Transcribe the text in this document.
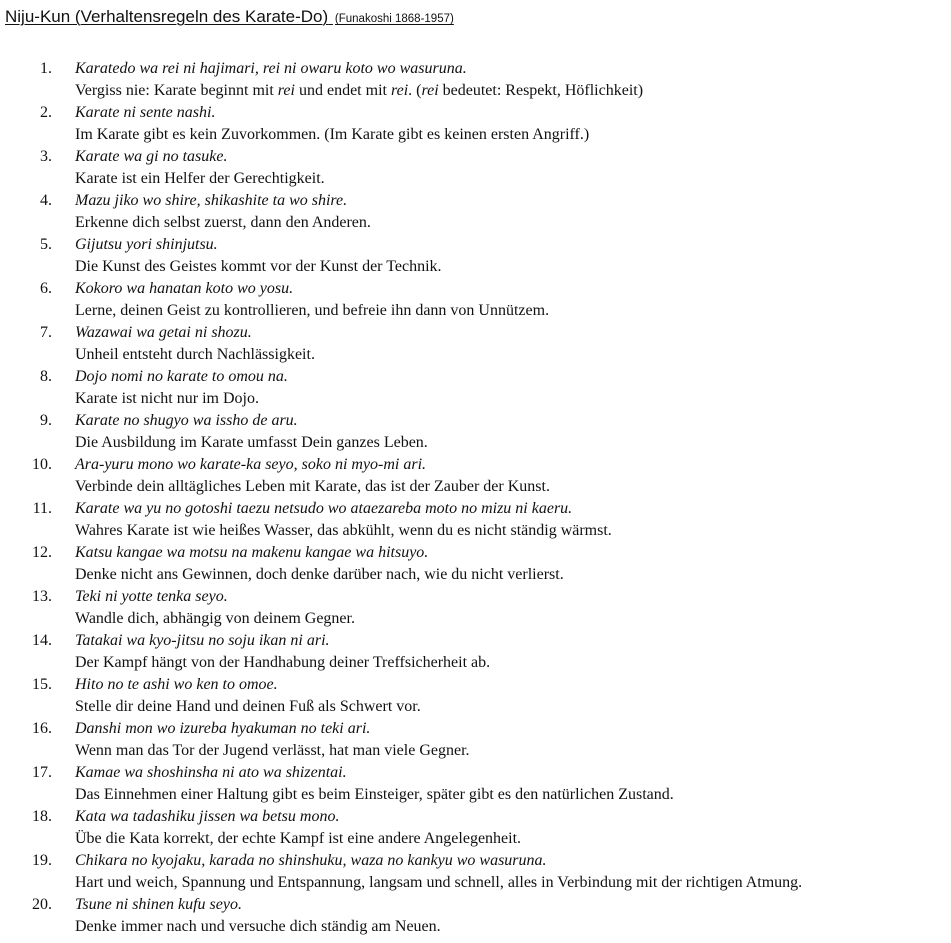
Niju-Kun (Verhaltensregeln des Karate-Do) (Funakoshi 1868-1957)
1. Karatedo wa rei ni hajimari, rei ni owaru koto wo wasuruna.
Vergiss nie: Karate beginnt mit rei und endet mit rei. (rei bedeutet: Respekt, Höflichkeit)
2. Karate ni sente nashi.
Im Karate gibt es kein Zuvorkommen. (Im Karate gibt es keinen ersten Angriff.)
3. Karate wa gi no tasuke.
Karate ist ein Helfer der Gerechtigkeit.
4. Mazu jiko wo shire, shikashite ta wo shire.
Erkenne dich selbst zuerst, dann den Anderen.
5. Gijutsu yori shinjutsu.
Die Kunst des Geistes kommt vor der Kunst der Technik.
6. Kokoro wa hanatan koto wo yosu.
Lerne, deinen Geist zu kontrollieren, und befreie ihn dann von Unnützem.
7. Wazawai wa getai ni shozu.
Unheil entsteht durch Nachlässigkeit.
8. Dojo nomi no karate to omou na.
Karate ist nicht nur im Dojo.
9. Karate no shugyo wa issho de aru.
Die Ausbildung im Karate umfasst Dein ganzes Leben.
10. Ara-yuru mono wo karate-ka seyo, soko ni myo-mi ari.
Verbinde dein alltägliches Leben mit Karate, das ist der Zauber der Kunst.
11. Karate wa yu no gotoshi taezu netsudo wo ataezareba moto no mizu ni kaeru.
Wahres Karate ist wie heißes Wasser, das abkühlt, wenn du es nicht ständig wärmst.
12. Katsu kangae wa motsu na makenu kangae wa hitsuyo.
Denke nicht ans Gewinnen, doch denke darüber nach, wie du nicht verlierst.
13. Teki ni yotte tenka seyo.
Wandle dich, abhängig von deinem Gegner.
14. Tatakai wa kyo-jitsu no soju ikan ni ari.
Der Kampf hängt von der Handhabung deiner Treffsicherheit ab.
15. Hito no te ashi wo ken to omoe.
Stelle dir deine Hand und deinen Fuß als Schwert vor.
16. Danshi mon wo izureba hyakuman no teki ari.
Wenn man das Tor der Jugend verlässt, hat man viele Gegner.
17. Kamae wa shoshinsha ni ato wa shizentai.
Das Einnehmen einer Haltung gibt es beim Einsteiger, später gibt es den natürlichen Zustand.
18. Kata wa tadashiku jissen wa betsu mono.
Übe die Kata korrekt, der echte Kampf ist eine andere Angelegenheit.
19. Chikara no kyojaku, karada no shinshuku, waza no kankyu wo wasuruna.
Hart und weich, Spannung und Entspannung, langsam und schnell, alles in Verbindung mit der richtigen Atmung.
20. Tsune ni shinen kufu seyo.
Denke immer nach und versuche dich ständig am Neuen.
